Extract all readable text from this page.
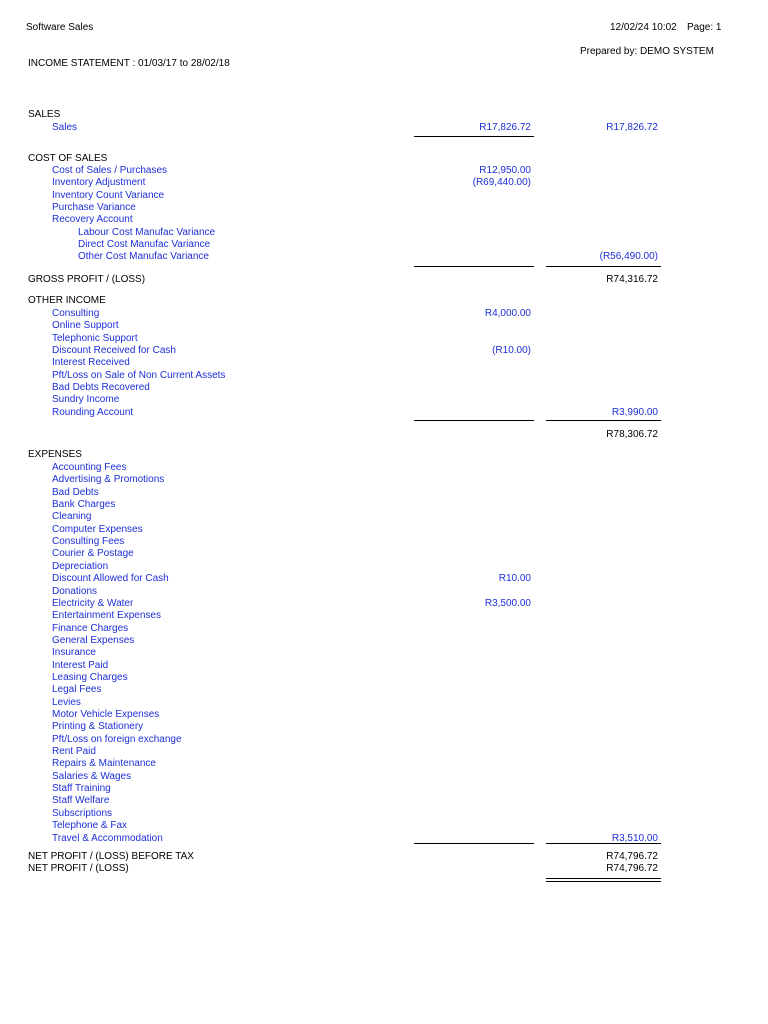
Software Sales	12/02/24 10:02 Page: 1
Prepared by: DEMO SYSTEM
INCOME STATEMENT : 01/03/17 to 28/02/18
SALES
Sales	R17,826.72	R17,826.72
COST OF SALES
Cost of Sales / Purchases	R12,950.00
Inventory Adjustment	(R69,440.00)
Inventory Count Variance
Purchase Variance
Recovery Account
Labour Cost Manufac Variance
Direct Cost Manufac Variance
Other Cost Manufac Variance	(R56,490.00)
GROSS PROFIT / (LOSS)	R74,316.72
OTHER INCOME
Consulting	R4,000.00
Online Support
Telephonic Support
Discount Received for Cash	(R10.00)
Interest Received
Pft/Loss on Sale of Non Current Assets
Bad Debts Recovered
Sundry Income
Rounding Account	R3,990.00
R78,306.72
EXPENSES
Accounting Fees
Advertising & Promotions
Bad Debts
Bank Charges
Cleaning
Computer Expenses
Consulting Fees
Courier & Postage
Depreciation
Discount Allowed for Cash	R10.00
Donations
Electricity & Water	R3,500.00
Entertainment Expenses
Finance Charges
General Expenses
Insurance
Interest Paid
Leasing Charges
Legal Fees
Levies
Motor Vehicle Expenses
Printing & Stationery
Pft/Loss on foreign exchange
Rent Paid
Repairs & Maintenance
Salaries & Wages
Staff Training
Staff Welfare
Subscriptions
Telephone & Fax
Travel & Accommodation	R3,510.00
NET PROFIT / (LOSS) BEFORE TAX	R74,796.72
NET PROFIT / (LOSS)	R74,796.72
